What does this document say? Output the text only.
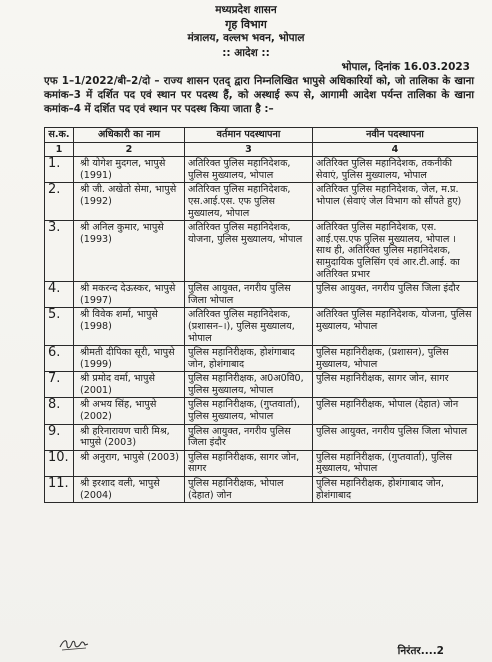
मध्यप्रदेश शासन
गृह विभाग
मंत्रालय, वल्लभ भवन, भोपाल
:: आदेश ::
भोपाल, दिनांक 16.03.2023
एफ 1–1/2022/बी–2/दो – राज्य शासन एतद् द्वारा निम्नलिखित भापुसे अधिकारियों को, जो तालिका के खाना कमांक–3 में दर्शित पद एवं स्थान पर पदस्थ हैं, को अस्थाई रूप से, आगामी आदेश पर्यन्त तालिका के खाना कमांक–4 में दर्शित पद एवं स्थान पर पदस्थ किया जाता है :–
स.क.	अधिकारी का नाम	वर्तमान पदस्थापना	नवीन पदस्थापना
1	2	3	4
1.	श्री योगेश मुदगल, भापुसे (1991)	अतिरिक्त पुलिस महानिदेशक, पुलिस मुख्यालय, भोपाल	अतिरिक्त पुलिस महानिदेशक, तकनीकी सेवाएं, पुलिस मुख्यालय, भोपाल
2.	श्री जी. अखेतो सेमा, भापुसे (1992)	अतिरिक्त पुलिस महानिदेशक, एस.आई.एस. एफ पुलिस मुख्यालय, भोपाल	अतिरिक्त पुलिस महानिदेशक, जेल, म.प्र. भोपाल (सेवाएं जेल विभाग को सौंपते हुए)
3.	श्री अनिल कुमार, भापुसे (1993)	अतिरिक्त पुलिस महानिदेशक, योजना, पुलिस मुख्यालय, भोपाल	अतिरिक्त पुलिस महानिदेशक, एस. आई.एस.एफ पुलिस मुख्यालय, भोपाल । साथ ही, अतिरिक्त पुलिस महानिदेशक, सामुदायिक पुलिसिंग एवं आर.टी.आई. का अतिरिक्त प्रभार
4.	श्री मकरन्द देऊस्कर, भापुसे (1997)	पुलिस आयुक्त, नगरीय पुलिस जिला भोपाल	पुलिस आयुक्त, नगरीय पुलिस जिला इंदौर
5.	श्री विवेक शर्मा, भापुसे (1998)	अतिरिक्त पुलिस महानिदेशक, (प्रशासन–।), पुलिस मुख्यालय, भोपाल	अतिरिक्त पुलिस महानिदेशक, योजना, पुलिस मुख्यालय, भोपाल
6.	श्रीमती दीपिका सूरी, भापुसे (1999)	पुलिस महानिरीक्षक, होशंगाबाद जोन, होशंगाबाद	पुलिस महानिरीक्षक, (प्रशासन), पुलिस मुख्यालय, भोपाल
7.	श्री प्रमोद वर्मा, भापुसे (2001)	पुलिस महानिरीक्षक, अ0अ0वि0, पुलिस मुख्यालय, भोपाल	पुलिस महानिरीक्षक, सागर जोन, सागर
8.	श्री अभय सिंह, भापुसे (2002)	पुलिस महानिरीक्षक, (गुप्तवार्ता), पुलिस मुख्यालय, भोपाल	पुलिस महानिरीक्षक, भोपाल (देहात) जोन
9.	श्री हरिनारायण चारी मिश्र, भापुसे (2003)	पुलिस आयुक्त, नगरीय पुलिस जिला इंदौर	पुलिस आयुक्त, नगरीय पुलिस जिला भोपाल
10.	श्री अनुराग, भापुसे (2003)	पुलिस महानिरीक्षक, सागर जोन, सागर	पुलिस महानिरीक्षक, (गुप्तवार्ता), पुलिस मुख्यालय, भोपाल
11.	श्री इरशाद वली, भापुसे (2004)	पुलिस महानिरीक्षक, भोपाल (देहात) जोन	पुलिस महानिरीक्षक, होशंगाबाद जोन, होशंगाबाद
निरंतर....2
